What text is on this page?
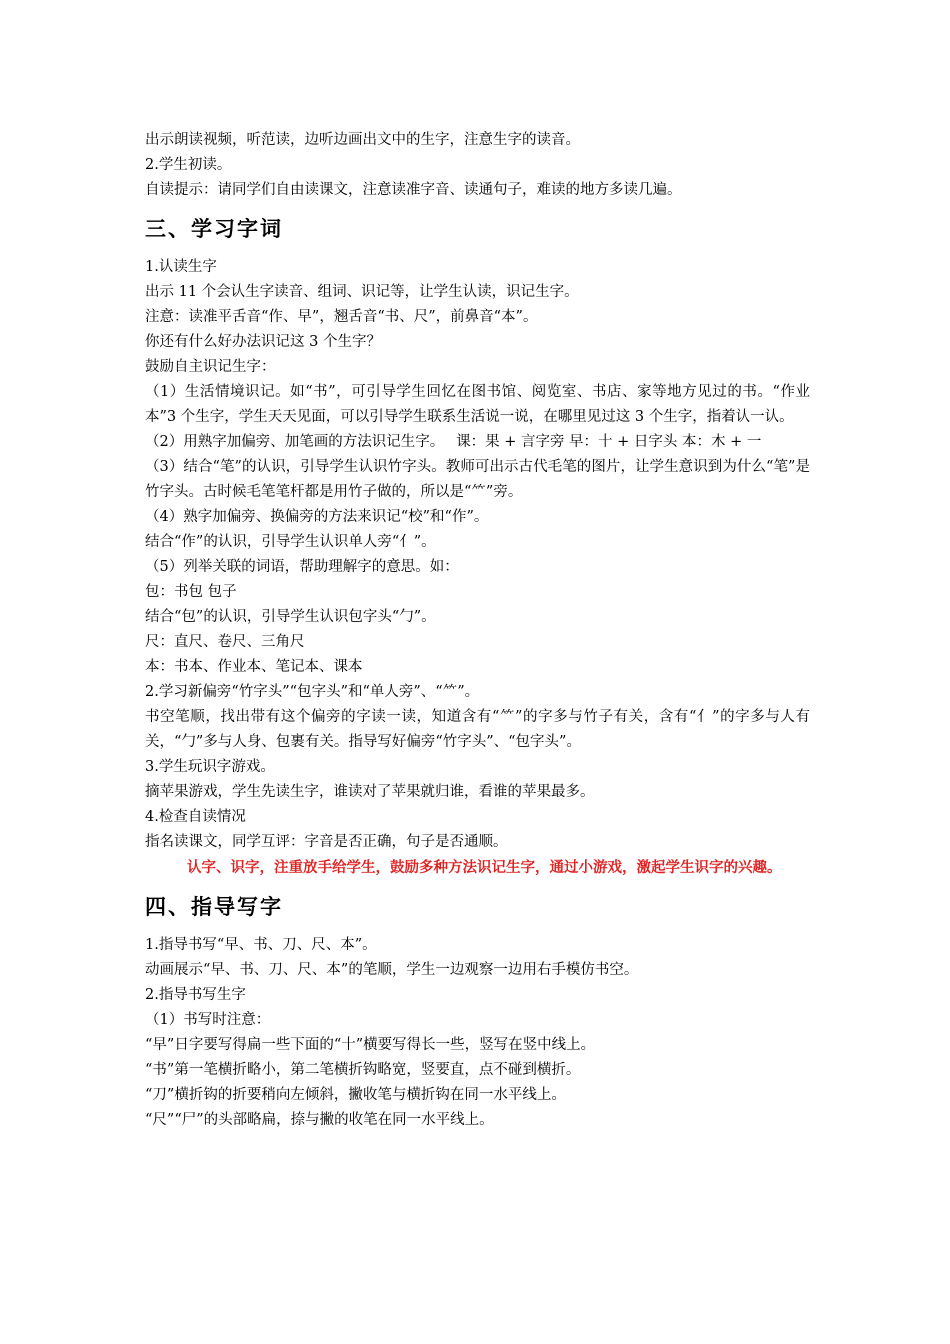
出示朗读视频，听范读，边听边画出文中的生字，注意生字的读音。

2.学生初读。

自读提示：请同学们自由读课文，注意读准字音、读通句子，难读的地方多读几遍。

三、学习字词

1.认读生字

出示 11 个会认生字读音、组词、识记等，让学生认读，识记生字。

注意：读准平舌音“作、早”，翘舌音“书、尺”，前鼻音“本”。

你还有什么好办法识记这 3 个生字？

鼓励自主识记生字：

（1）生活情境识记。如“书”，可引导学生回忆在图书馆、阅览室、书店、家等地方见过的书。“作业本”3 个生字，学生天天见面，可以引导学生联系生活说一说，在哪里见过这 3 个生字，指着认一认。

（2）用熟字加偏旁、加笔画的方法识记生字。　 课：果 + 言字旁 早：十 + 日字头 本：木 + 一

（3）结合“笔”的认识，引导学生认识竹字头。教师可出示古代毛笔的图片，让学生意识到为什么“笔”是竹字头。古时候毛笔笔杆都是用竹子做的，所以是“⺮”旁。

（4）熟字加偏旁、换偏旁的方法来识记“校”和“作”。

结合“作”的认识，引导学生认识单人旁“亻”。

（5）列举关联的词语，帮助理解字的意思。如：

包：书包 包子

结合“包”的认识，引导学生认识包字头“勹”。

尺：直尺、卷尺、三角尺

本：书本、作业本、笔记本、课本

2.学习新偏旁“竹字头”“包字头”和“单人旁”、“⺮”。

书空笔顺，找出带有这个偏旁的字读一读，知道含有“⺮”的字多与竹子有关，含有“亻”的字多与人有关，“勹”多与人身、包裹有关。指导写好偏旁“竹字头”、“包字头”。

3.学生玩识字游戏。

摘苹果游戏，学生先读生字，谁读对了苹果就归谁，看谁的苹果最多。

4.检查自读情况

指名读课文，同学互评：字音是否正确，句子是否通顺。

认字、识字，注重放手给学生，鼓励多种方法识记生字，通过小游戏，激起学生识字的兴趣。

四、指导写字

1.指导书写“早、书、刀、尺、本”。

动画展示“早、书、刀、尺、本”的笔顺，学生一边观察一边用右手模仿书空。

2.指导书写生字

（1）书写时注意：

“早”日字要写得扁一些下面的“十”横要写得长一些，竖写在竖中线上。

“书”第一笔横折略小，第二笔横折钩略宽，竖要直，点不碰到横折。

“刀”横折钩的折要稍向左倾斜，撇收笔与横折钩在同一水平线上。

“尺”“尸”的头部略扁，捺与撇的收笔在同一水平线上。
